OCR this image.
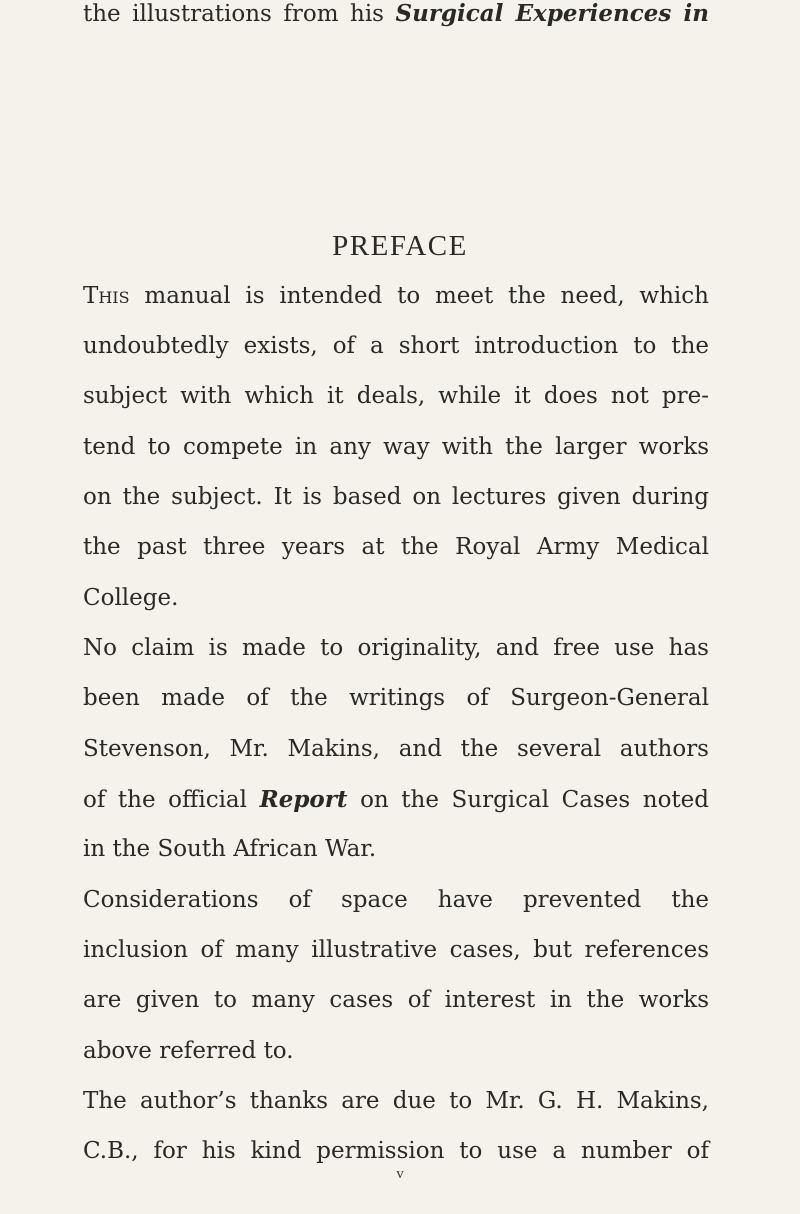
PREFACE
This manual is intended to meet the need, which
undoubtedly exists, of a short introduction to the
subject with which it deals, while it does not pre-
tend to compete in any way with the larger works
on the subject. It is based on lectures given during
the past three years at the Royal Army Medical
College.
No claim is made to originality, and free use has
been made of the writings of Surgeon-General
Stevenson, Mr. Makins, and the several authors
of the official Report on the Surgical Cases noted
in the South African War.
Considerations of space have prevented the
inclusion of many illustrative cases, but references
are given to many cases of interest in the works
above referred to.
The author’s thanks are due to Mr. G. H. Makins,
C.B., for his kind permission to use a number of
the illustrations from his Surgical Experiences in
v
